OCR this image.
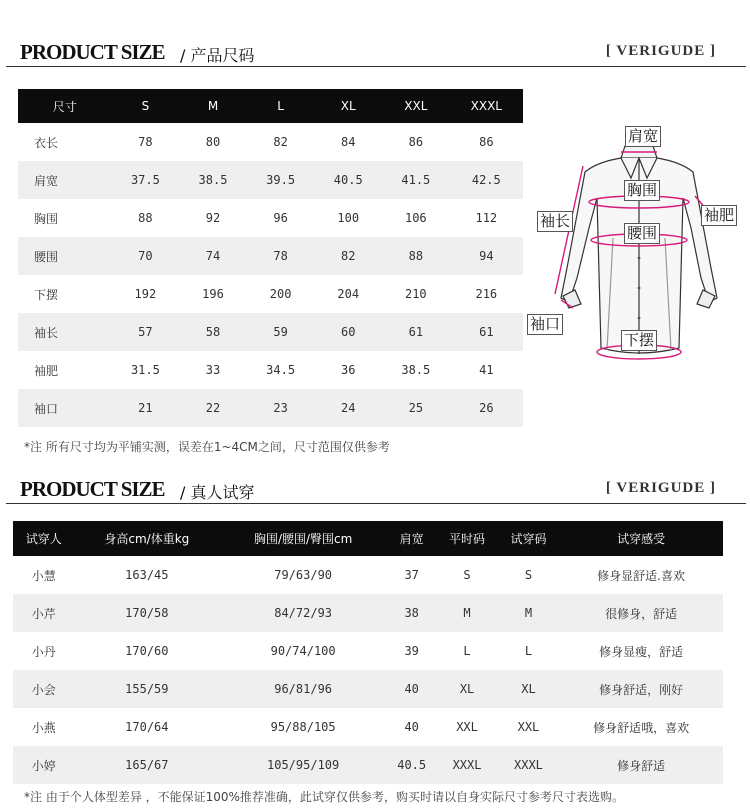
PRODUCT SIZE / 产品尺码	[ VERIGUDE ]
尺寸	S	M	L	XL	XXL	XXXL
衣长	78	80	82	84	86	86
肩宽	37.5	38.5	39.5	40.5	41.5	42.5
胸围	88	92	96	100	106	112
腰围	70	74	78	82	88	94
下摆	192	196	200	204	210	216
袖长	57	58	59	60	61	61
袖肥	31.5	33	34.5	36	38.5	41
袖口	21	22	23	24	25	26
*注 所有尺寸均为平铺实测，误差在1~4CM之间，尺寸范围仅供参考
肩宽
胸围
腰围
袖长	袖肥
袖口
下摆
PRODUCT SIZE / 真人试穿	[ VERIGUDE ]
试穿人	身高cm/体重kg	胸围/腰围/臀围cm	肩宽	平时码	试穿码	试穿感受
小慧	163/45	79/63/90	37	S	S	修身显舒适.喜欢
小芹	170/58	84/72/93	38	M	M	很修身，舒适
小丹	170/60	90/74/100	39	L	L	修身显瘦，舒适
小会	155/59	96/81/96	40	XL	XL	修身舒适，刚好
小燕	170/64	95/88/105	40	XXL	XXL	修身舒适哦，喜欢
小婷	165/67	105/95/109	40.5	XXXL	XXXL	修身舒适
*注 由于个人体型差异 ，不能保证100%推荐准确，此试穿仅供参考，购买时请以自身实际尺寸参考尺寸表选购。
